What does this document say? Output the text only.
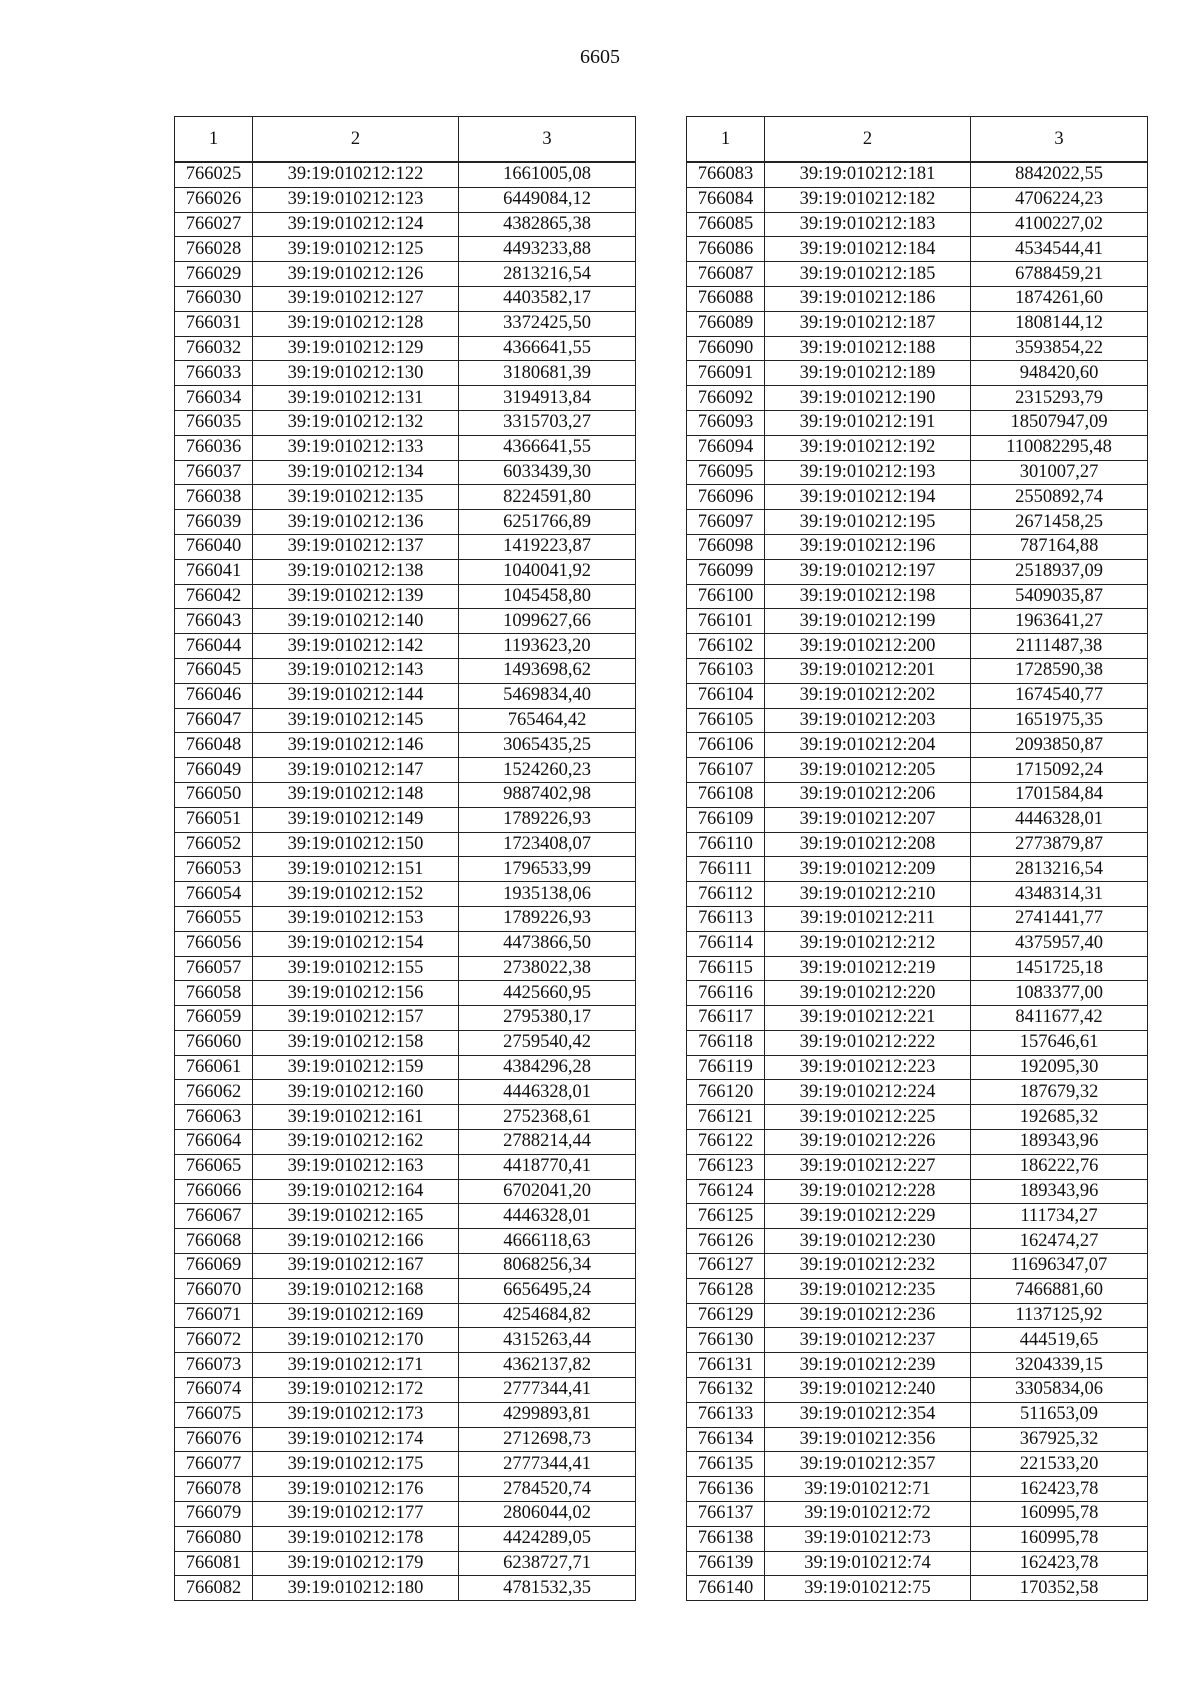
6605
1	2	3
766025	39:19:010212:122	1661005,08
766026	39:19:010212:123	6449084,12
766027	39:19:010212:124	4382865,38
766028	39:19:010212:125	4493233,88
766029	39:19:010212:126	2813216,54
766030	39:19:010212:127	4403582,17
766031	39:19:010212:128	3372425,50
766032	39:19:010212:129	4366641,55
766033	39:19:010212:130	3180681,39
766034	39:19:010212:131	3194913,84
766035	39:19:010212:132	3315703,27
766036	39:19:010212:133	4366641,55
766037	39:19:010212:134	6033439,30
766038	39:19:010212:135	8224591,80
766039	39:19:010212:136	6251766,89
766040	39:19:010212:137	1419223,87
766041	39:19:010212:138	1040041,92
766042	39:19:010212:139	1045458,80
766043	39:19:010212:140	1099627,66
766044	39:19:010212:142	1193623,20
766045	39:19:010212:143	1493698,62
766046	39:19:010212:144	5469834,40
766047	39:19:010212:145	765464,42
766048	39:19:010212:146	3065435,25
766049	39:19:010212:147	1524260,23
766050	39:19:010212:148	9887402,98
766051	39:19:010212:149	1789226,93
766052	39:19:010212:150	1723408,07
766053	39:19:010212:151	1796533,99
766054	39:19:010212:152	1935138,06
766055	39:19:010212:153	1789226,93
766056	39:19:010212:154	4473866,50
766057	39:19:010212:155	2738022,38
766058	39:19:010212:156	4425660,95
766059	39:19:010212:157	2795380,17
766060	39:19:010212:158	2759540,42
766061	39:19:010212:159	4384296,28
766062	39:19:010212:160	4446328,01
766063	39:19:010212:161	2752368,61
766064	39:19:010212:162	2788214,44
766065	39:19:010212:163	4418770,41
766066	39:19:010212:164	6702041,20
766067	39:19:010212:165	4446328,01
766068	39:19:010212:166	4666118,63
766069	39:19:010212:167	8068256,34
766070	39:19:010212:168	6656495,24
766071	39:19:010212:169	4254684,82
766072	39:19:010212:170	4315263,44
766073	39:19:010212:171	4362137,82
766074	39:19:010212:172	2777344,41
766075	39:19:010212:173	4299893,81
766076	39:19:010212:174	2712698,73
766077	39:19:010212:175	2777344,41
766078	39:19:010212:176	2784520,74
766079	39:19:010212:177	2806044,02
766080	39:19:010212:178	4424289,05
766081	39:19:010212:179	6238727,71
766082	39:19:010212:180	4781532,35
1	2	3
766083	39:19:010212:181	8842022,55
766084	39:19:010212:182	4706224,23
766085	39:19:010212:183	4100227,02
766086	39:19:010212:184	4534544,41
766087	39:19:010212:185	6788459,21
766088	39:19:010212:186	1874261,60
766089	39:19:010212:187	1808144,12
766090	39:19:010212:188	3593854,22
766091	39:19:010212:189	948420,60
766092	39:19:010212:190	2315293,79
766093	39:19:010212:191	18507947,09
766094	39:19:010212:192	110082295,48
766095	39:19:010212:193	301007,27
766096	39:19:010212:194	2550892,74
766097	39:19:010212:195	2671458,25
766098	39:19:010212:196	787164,88
766099	39:19:010212:197	2518937,09
766100	39:19:010212:198	5409035,87
766101	39:19:010212:199	1963641,27
766102	39:19:010212:200	2111487,38
766103	39:19:010212:201	1728590,38
766104	39:19:010212:202	1674540,77
766105	39:19:010212:203	1651975,35
766106	39:19:010212:204	2093850,87
766107	39:19:010212:205	1715092,24
766108	39:19:010212:206	1701584,84
766109	39:19:010212:207	4446328,01
766110	39:19:010212:208	2773879,87
766111	39:19:010212:209	2813216,54
766112	39:19:010212:210	4348314,31
766113	39:19:010212:211	2741441,77
766114	39:19:010212:212	4375957,40
766115	39:19:010212:219	1451725,18
766116	39:19:010212:220	1083377,00
766117	39:19:010212:221	8411677,42
766118	39:19:010212:222	157646,61
766119	39:19:010212:223	192095,30
766120	39:19:010212:224	187679,32
766121	39:19:010212:225	192685,32
766122	39:19:010212:226	189343,96
766123	39:19:010212:227	186222,76
766124	39:19:010212:228	189343,96
766125	39:19:010212:229	111734,27
766126	39:19:010212:230	162474,27
766127	39:19:010212:232	11696347,07
766128	39:19:010212:235	7466881,60
766129	39:19:010212:236	1137125,92
766130	39:19:010212:237	444519,65
766131	39:19:010212:239	3204339,15
766132	39:19:010212:240	3305834,06
766133	39:19:010212:354	511653,09
766134	39:19:010212:356	367925,32
766135	39:19:010212:357	221533,20
766136	39:19:010212:71	162423,78
766137	39:19:010212:72	160995,78
766138	39:19:010212:73	160995,78
766139	39:19:010212:74	162423,78
766140	39:19:010212:75	170352,58
